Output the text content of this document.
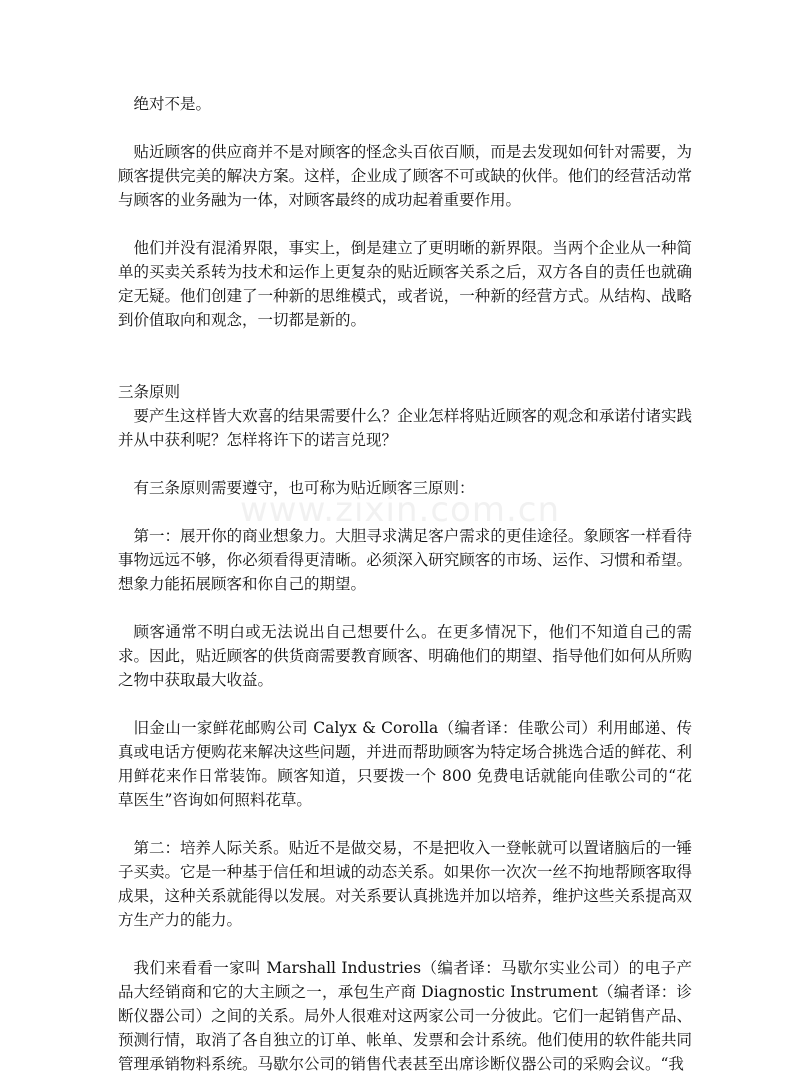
www.zixin.com.cn

绝对不是。

贴近顾客的供应商并不是对顾客的怪念头百依百顺，而是去发现如何针对需要，为顾客提供完美的解决方案。这样，企业成了顾客不可或缺的伙伴。他们的经营活动常与顾客的业务融为一体，对顾客最终的成功起着重要作用。

他们并没有混淆界限，事实上，倒是建立了更明晰的新界限。当两个企业从一种简单的买卖关系转为技术和运作上更复杂的贴近顾客关系之后，双方各自的责任也就确定无疑。他们创建了一种新的思维模式，或者说，一种新的经营方式。从结构、战略到价值取向和观念，一切都是新的。

三条原则

要产生这样皆大欢喜的结果需要什么？企业怎样将贴近顾客的观念和承诺付诸实践并从中获利呢？怎样将许下的诺言兑现？

有三条原则需要遵守，也可称为贴近顾客三原则：

第一：展开你的商业想象力。大胆寻求满足客户需求的更佳途径。象顾客一样看待事物远远不够，你必须看得更清晰。必须深入研究顾客的市场、运作、习惯和希望。想象力能拓展顾客和你自己的期望。

顾客通常不明白或无法说出自己想要什么。在更多情况下，他们不知道自己的需求。因此，贴近顾客的供货商需要教育顾客、明确他们的期望、指导他们如何从所购之物中获取最大收益。

旧金山一家鲜花邮购公司 Calyx & Corolla（编者译：佳歌公司）利用邮递、传真或电话方便购花来解决这些问题，并进而帮助顾客为特定场合挑选合适的鲜花、利用鲜花来作日常装饰。顾客知道，只要拨一个 800 免费电话就能向佳歌公司的“花草医生”咨询如何照料花草。

第二：培养人际关系。贴近不是做交易，不是把收入一登帐就可以置诸脑后的一锤子买卖。它是一种基于信任和坦诚的动态关系。如果你一次次一丝不拘地帮顾客取得成果，这种关系就能得以发展。对关系要认真挑选并加以培养，维护这些关系提高双方生产力的能力。

我们来看看一家叫 Marshall Industries（编者译：马歇尔实业公司）的电子产品大经销商和它的大主顾之一，承包生产商 Diagnostic Instrument（编者译：诊断仪器公司）之间的关系。局外人很难对这两家公司一分彼此。它们一起销售产品、预测行情，取消了各自独立的订单、帐单、发票和会计系统。他们使用的软件能共同管理承销物料系统。马歇尔公司的销售代表甚至出席诊断仪器公司的采购会议。“我
